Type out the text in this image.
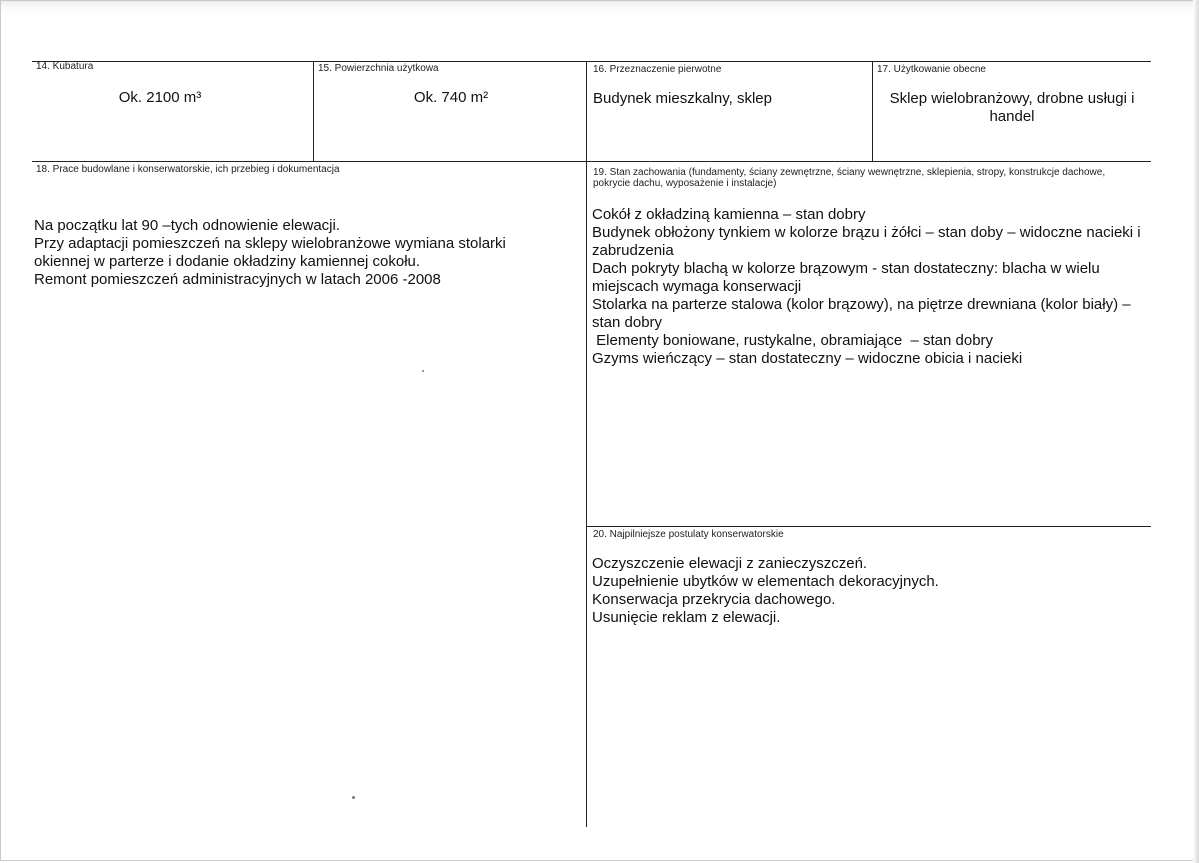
14. Kubatura
Ok. 2100 m³
15. Powierzchnia użytkowa
Ok. 740 m²
16. Przeznaczenie pierwotne
Budynek mieszkalny, sklep
17. Użytkowanie obecne
Sklep wielobranżowy, drobne usługi i handel
18. Prace budowlane i konserwatorskie, ich przebieg i dokumentacja
Na początku lat 90 –tych odnowienie elewacji.
Przy adaptacji pomieszczeń na sklepy wielobranżowe wymiana stolarki okiennej w parterze i dodanie okładziny kamiennej cokołu.
Remont pomieszczeń administracyjnych w latach 2006 -2008
19. Stan zachowania (fundamenty, ściany zewnętrzne, ściany wewnętrzne, sklepienia, stropy, konstrukcje dachowe, pokrycie dachu, wyposażenie i instalacje)
Cokół z okładziną kamienna – stan dobry
Budynek obłożony tynkiem w kolorze brązu i żółci – stan doby – widoczne nacieki i zabrudzenia
Dach pokryty blachą w kolorze brązowym - stan dostateczny: blacha w wielu miejscach wymaga konserwacji
Stolarka na parterze stalowa (kolor brązowy), na piętrze drewniana (kolor biały) – stan dobry
Elementy boniowane, rustykalne, obramiające  – stan dobry
Gzyms wieńczący – stan dostateczny – widoczne obicia i nacieki
20. Najpilniejsze postulaty konserwatorskie
Oczyszczenie elewacji z zanieczyszczeń.
Uzupełnienie ubytków w elementach dekoracyjnych.
Konserwacja przekrycia dachowego.
Usunięcie reklam z elewacji.
